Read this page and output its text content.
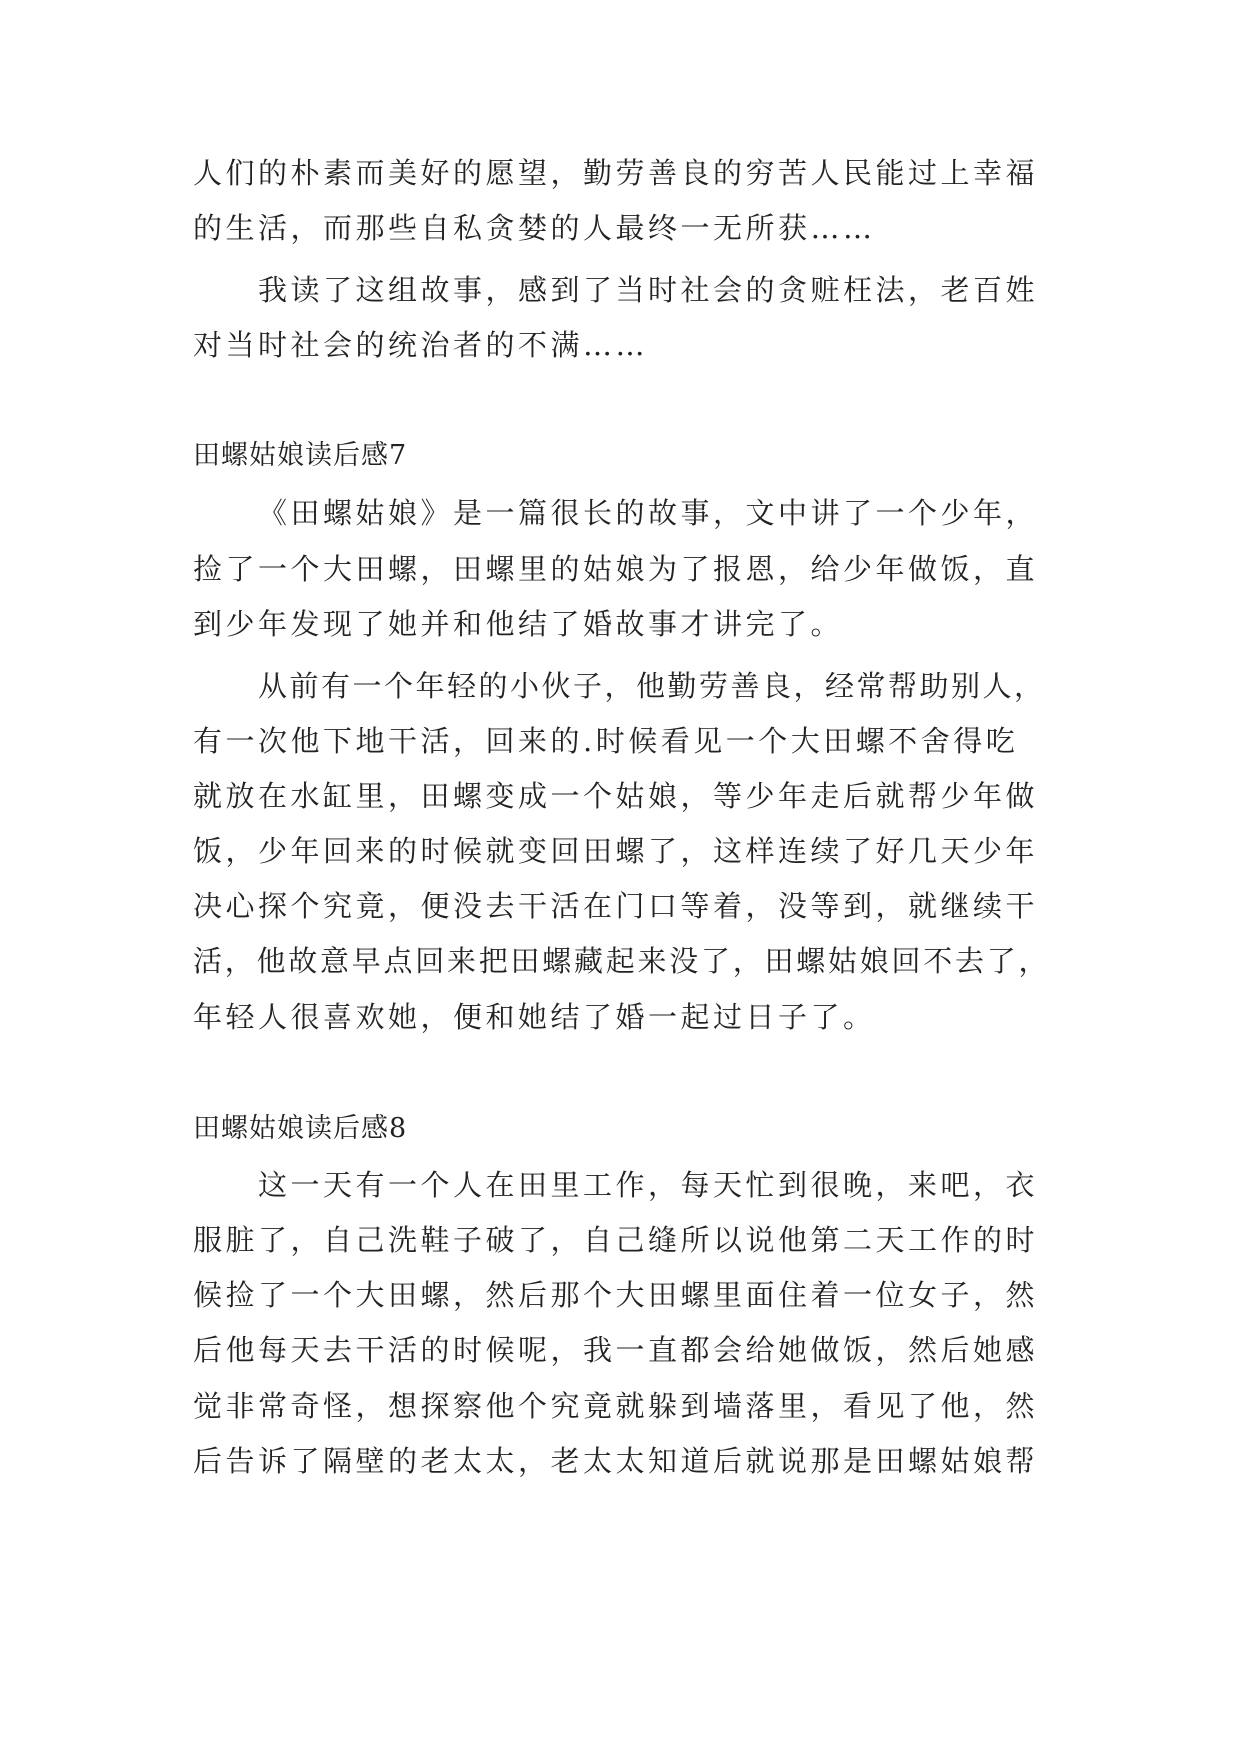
人们的朴素而美好的愿望，勤劳善良的穷苦人民能过上幸福
的生活，而那些自私贪婪的人最终一无所获……
我读了这组故事，感到了当时社会的贪赃枉法，老百姓
对当时社会的统治者的不满……
田螺姑娘读后感7
《田螺姑娘》是一篇很长的故事，文中讲了一个少年，
捡了一个大田螺，田螺里的姑娘为了报恩，给少年做饭，直
到少年发现了她并和他结了婚故事才讲完了。
从前有一个年轻的小伙子，他勤劳善良，经常帮助别人，
有一次他下地干活，回来的.时候看见一个大田螺不舍得吃
就放在水缸里，田螺变成一个姑娘，等少年走后就帮少年做
饭，少年回来的时候就变回田螺了，这样连续了好几天少年
决心探个究竟，便没去干活在门口等着，没等到，就继续干
活，他故意早点回来把田螺藏起来没了，田螺姑娘回不去了，
年轻人很喜欢她，便和她结了婚一起过日子了。
田螺姑娘读后感8
这一天有一个人在田里工作，每天忙到很晚，来吧，衣
服脏了，自己洗鞋子破了，自己缝所以说他第二天工作的时
候捡了一个大田螺，然后那个大田螺里面住着一位女子，然
后他每天去干活的时候呢，我一直都会给她做饭，然后她感
觉非常奇怪，想探察他个究竟就躲到墙落里，看见了他，然
后告诉了隔壁的老太太，老太太知道后就说那是田螺姑娘帮
